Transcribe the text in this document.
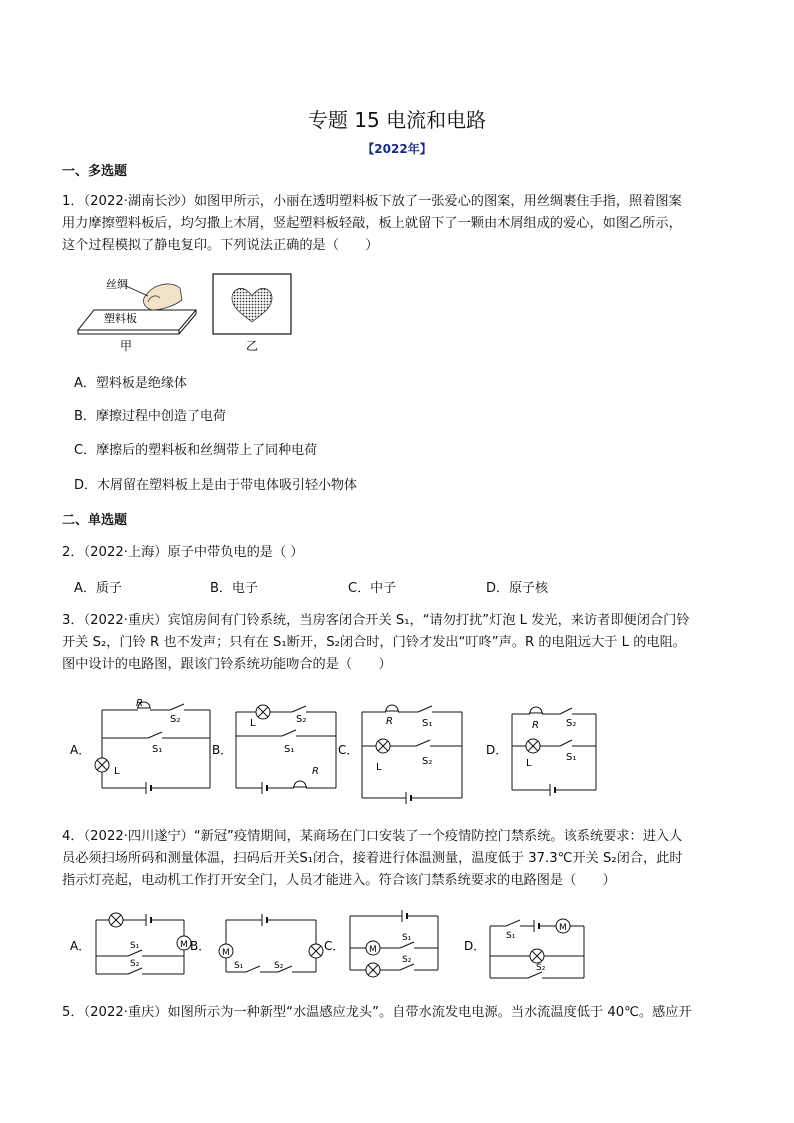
专题 15 电流和电路
【2022年】
一、多选题
1．（2022·湖南长沙）如图甲所示，小丽在透明塑料板下放了一张爱心的图案，用丝绸裹住手指，照着图案
用力摩擦塑料板后，均匀撒上木屑，竖起塑料板轻敲，板上就留下了一颗由木屑组成的爱心，如图乙所示，
这个过程模拟了静电复印。下列说法正确的是（　　）
丝绸
塑料板
甲	乙
A．塑料板是绝缘体
B．摩擦过程中创造了电荷
C．摩擦后的塑料板和丝绸带上了同种电荷
D．木屑留在塑料板上是由于带电体吸引轻小物体
二、单选题
2．（2022·上海）原子中带负电的是（ ）
A．质子	B．电子	C．中子	D．原子核
3．（2022·重庆）宾馆房间有门铃系统，当房客闭合开关 S₁，“请勿打扰”灯泡 L 发光，来访者即便闭合门铃
开关 S₂，门铃 R 也不发声；只有在 S₁断开，S₂闭合时，门铃才发出“叮咚”声。R 的电阻远大于 L 的电阻。
图中设计的电路图，跟该门铃系统功能吻合的是（　　）
A．
R
S₂
S₁
L
B．
L	S₂
S₁
R
C．
R	S₁
L
S₂
D．
R	S₂
L
S₁
4．（2022·四川遂宁）“新冠”疫情期间，某商场在门口安装了一个疫情防控门禁系统。该系统要求：进入人
员必须扫场所码和测量体温，扫码后开关S₁闭合，接着进行体温测量，温度低于 37.3℃开关 S₂闭合，此时
指示灯亮起，电动机工作打开安全门，人员才能进入。符合该门禁系统要求的电路图是（　　）
M
A．	S₁
S₂
B．
S₁	S₂
C．
S₁
S₂
D．
S₁
S₂
5．（2022·重庆）如图所示为一种新型“水温感应龙头”。自带水流发电电源。当水流温度低于 40℃。感应开
